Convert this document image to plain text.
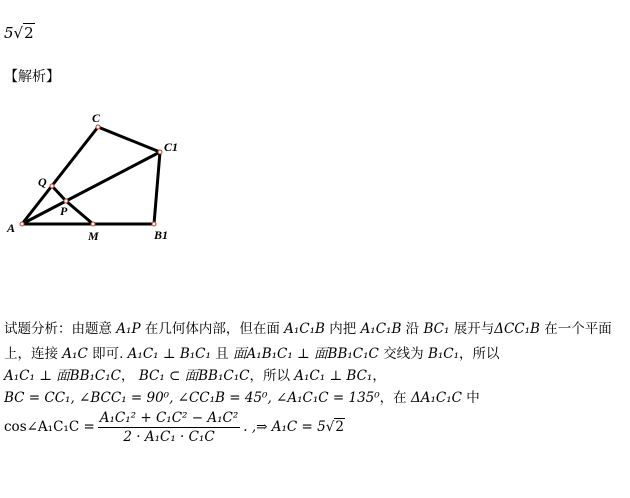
5√2
【解析】
C
C1
Q
P
A
M	B1
试题分析：由题意 A₁P 在几何体内部，但在面 A₁C₁B 内把 A₁C₁B 沿 BC₁ 展开与ΔCC₁B 在一个平面
上，连接 A₁C 即可. A₁C₁ ⊥ B₁C₁ 且 面A₁B₁C₁ ⊥ 面BB₁C₁C 交线为 B₁C₁，所以
A₁C₁ ⊥ 面BB₁C₁C， BC₁ ⊂ 面BB₁C₁C，所以 A₁C₁ ⊥ BC₁，
BC = CC₁, ∠BCC₁ = 90⁰, ∠CC₁B = 45⁰, ∠A₁C₁C = 135⁰，在 ΔA₁C₁C 中
cos∠A₁C₁C = $\frac{\text{A₁C₁² + C₁C² − A₁C²}}{\text{2 · A₁C₁ · C₁C}}$ . ,⇒ A₁C = 5√2
